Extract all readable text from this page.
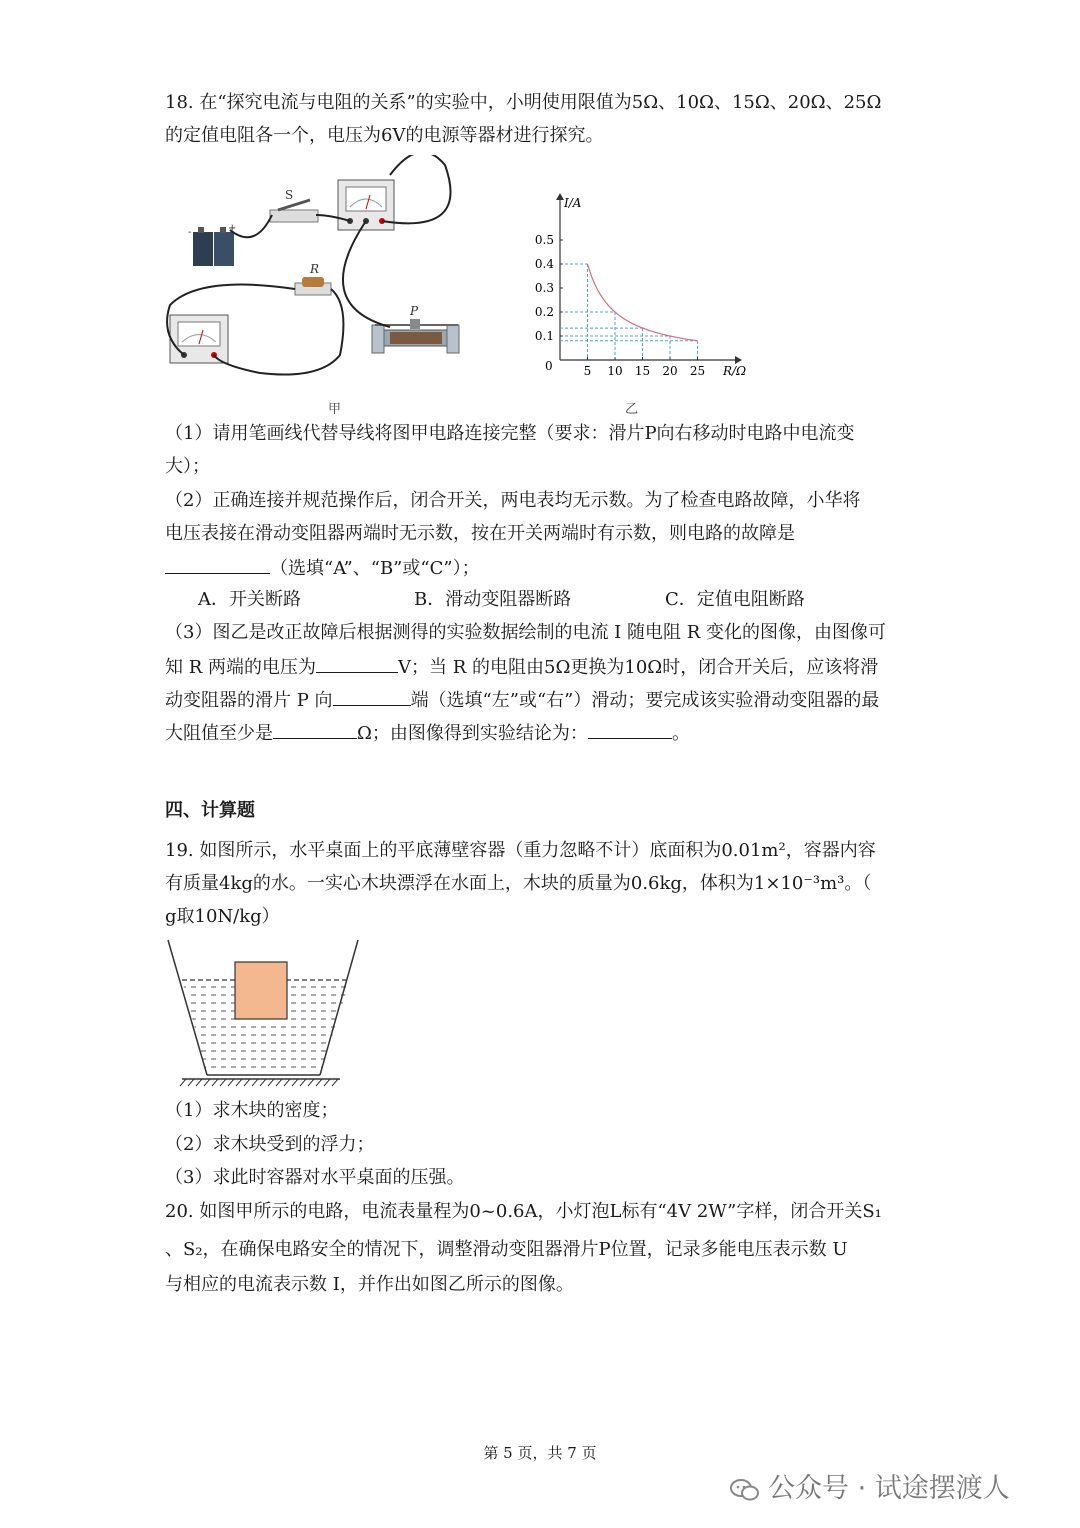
18. 在“探究电流与电阻的关系”的实验中，小明使用限值为5Ω、10Ω、15Ω、20Ω、25Ω
的定值电阻各一个，电压为6V的电源等器材进行探究。
-	+
S
R
P
甲	乙
I/A
R/Ω
0	5 10 15 20 25
0.1
0.2
0.3
0.4
0.5
（1）请用笔画线代替导线将图甲电路连接完整（要求：滑片P向右移动时电路中电流变
大）；
（2）正确连接并规范操作后，闭合开关，两电表均无示数。为了检查电路故障，小华将
电压表接在滑动变阻器两端时无示数，按在开关两端时有示数，则电路的故障是
（选填“A”、“B”或“C”）；
A．开关断路	B．滑动变阻器断路	C．定值电阻断路
（3）图乙是改正故障后根据测得的实验数据绘制的电流 I 随电阻 R 变化的图像，由图像可
知 R 两端的电压为	V；当 R 的电阻由5Ω更换为10Ω时，闭合开关后，应该将滑
动变阻器的滑片 P 向	端（选填“左”或“右”）滑动；要完成该实验滑动变阻器的最
大阻值至少是	Ω；由图像得到实验结论为：	。
四、计算题
19. 如图所示，水平桌面上的平底薄壁容器（重力忽略不计）底面积为0.01m²，容器内容
有质量4kg的水。一实心木块漂浮在水面上，木块的质量为0.6kg，体积为1×10⁻³m³。（
g取10N/kg）
（1）求木块的密度；
（2）求木块受到的浮力；
（3）求此时容器对水平桌面的压强。
20. 如图甲所示的电路，电流表量程为0~0.6A，小灯泡L标有“4V 2W”字样，闭合开关S₁
、S₂，在确保电路安全的情况下，调整滑动变阻器滑片P位置，记录多能电压表示数 U
与相应的电流表示数 I，并作出如图乙所示的图像。
第 5 页，共 7 页
公众号 · 试途摆渡人
